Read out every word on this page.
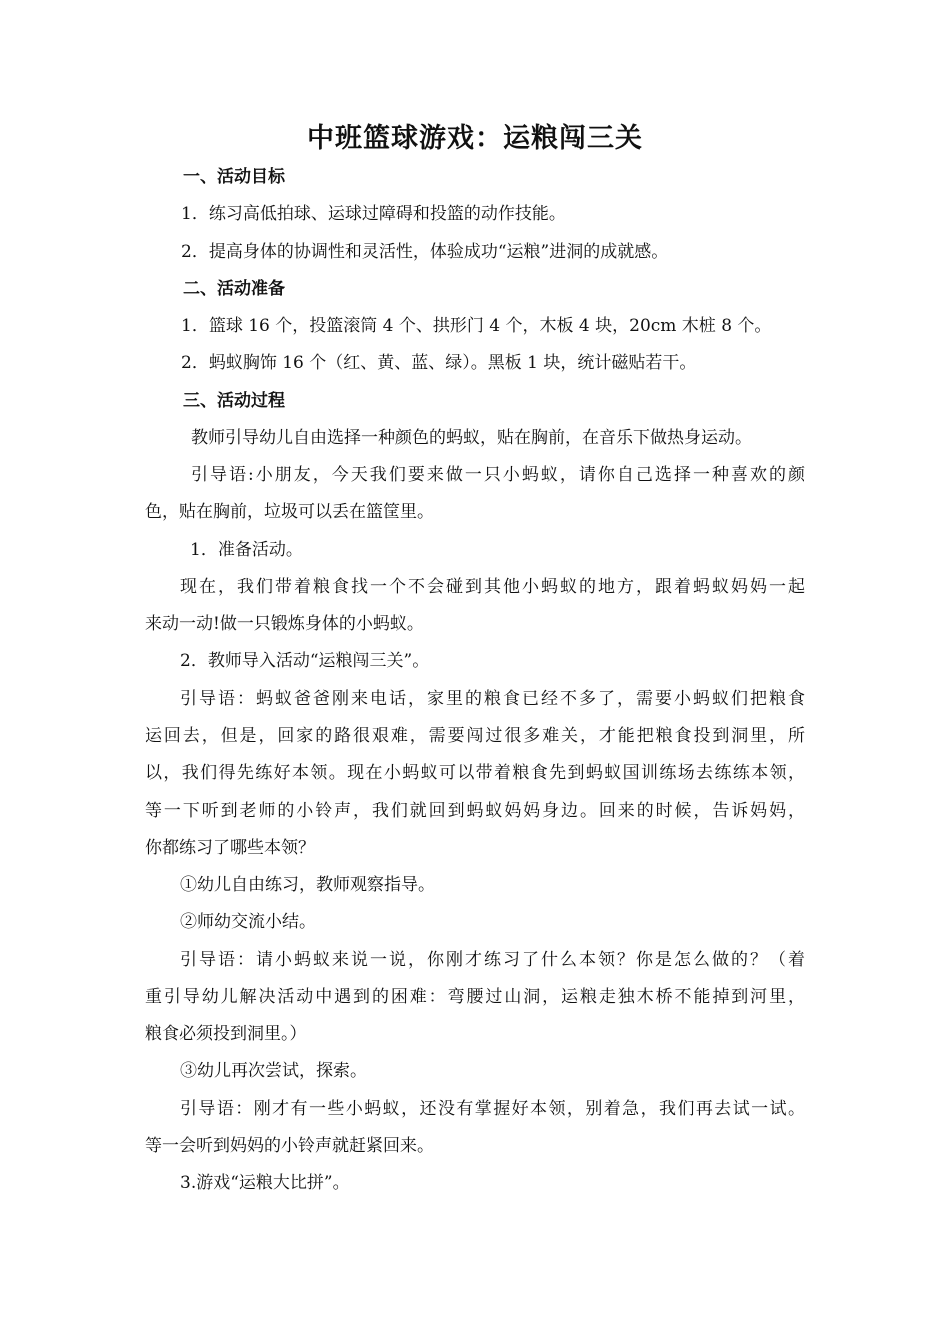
中班篮球游戏：运粮闯三关
一、活动目标
1．练习高低拍球、运球过障碍和投篮的动作技能。
2．提高身体的协调性和灵活性，体验成功“运粮”进洞的成就感。
二、活动准备
1．篮球 16 个，投篮滚筒 4 个、拱形门 4 个，木板 4 块，20cm 木桩 8 个。
2．蚂蚁胸饰 16 个（红、黄、蓝、绿）。黑板 1 块，统计磁贴若干。
三、活动过程
教师引导幼儿自由选择一种颜色的蚂蚁，贴在胸前，在音乐下做热身运动。
引导语:小朋友，今天我们要来做一只小蚂蚁，请你自己选择一种喜欢的颜
色，贴在胸前，垃圾可以丢在篮筐里。
1．准备活动。
现在，我们带着粮食找一个不会碰到其他小蚂蚁的地方，跟着蚂蚁妈妈一起
来动一动!做一只锻炼身体的小蚂蚁。
2．教师导入活动“运粮闯三关”。
引导语：蚂蚁爸爸刚来电话，家里的粮食已经不多了，需要小蚂蚁们把粮食
运回去，但是，回家的路很艰难，需要闯过很多难关，才能把粮食投到洞里，所
以，我们得先练好本领。现在小蚂蚁可以带着粮食先到蚂蚁国训练场去练练本领，
等一下听到老师的小铃声，我们就回到蚂蚁妈妈身边。回来的时候，告诉妈妈，
你都练习了哪些本领？
①幼儿自由练习，教师观察指导。
②师幼交流小结。
引导语：请小蚂蚁来说一说，你刚才练习了什么本领？你是怎么做的？（着
重引导幼儿解决活动中遇到的困难：弯腰过山洞，运粮走独木桥不能掉到河里，
粮食必须投到洞里。）
③幼儿再次尝试，探索。
引导语：刚才有一些小蚂蚁，还没有掌握好本领，别着急，我们再去试一试。
等一会听到妈妈的小铃声就赶紧回来。
3.游戏“运粮大比拼”。
